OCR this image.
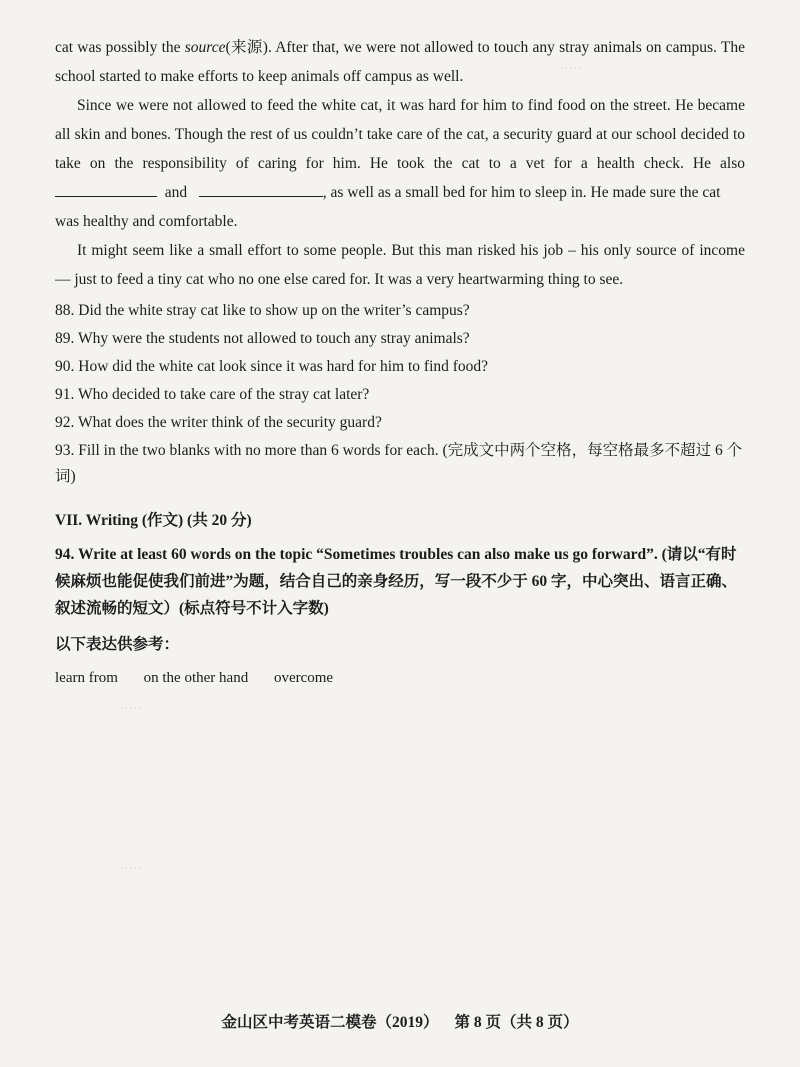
·····
·····
·····
cat was possibly the source(来源). After that, we were not allowed to touch any stray animals on campus. The
school started to make efforts to keep animals off campus as well.
Since we were not allowed to feed the white cat, it was hard for him to find food on the street. He became
all skin and bones. Though the rest of us couldn’t take care of the cat, a security guard at our school decided to
take on the responsibility of caring for him. He took the cat to a vet for a health check. He also
and	, as well as a small bed for him to sleep in. He made sure the cat
was healthy and comfortable.
It might seem like a small effort to some people. But this man risked his job – his only source of income
— just to feed a tiny cat who no one else cared for. It was a very heartwarming thing to see.
88. Did the white stray cat like to show up on the writer’s campus?
89. Why were the students not allowed to touch any stray animals?
90. How did the white cat look since it was hard for him to find food?
91. Who decided to take care of the stray cat later?
92. What does the writer think of the security guard?
93. Fill in the two blanks with no more than 6 words for each. (完成文中两个空格，每空格最多不超过 6 个
词)
VII. Writing (作文) (共 20 分)
94. Write at least 60 words on the topic “Sometimes troubles can also make us go forward”. (请以“有时
候麻烦也能促使我们前进”为题，结合自己的亲身经历，写一段不少于 60 字，中心突出、语言正确、
叙述流畅的短文）(标点符号不计入字数)
以下表达供参考：
learn from on the other hand overcome
金山区中考英语二模卷（2019） 第 8 页（共 8 页）
